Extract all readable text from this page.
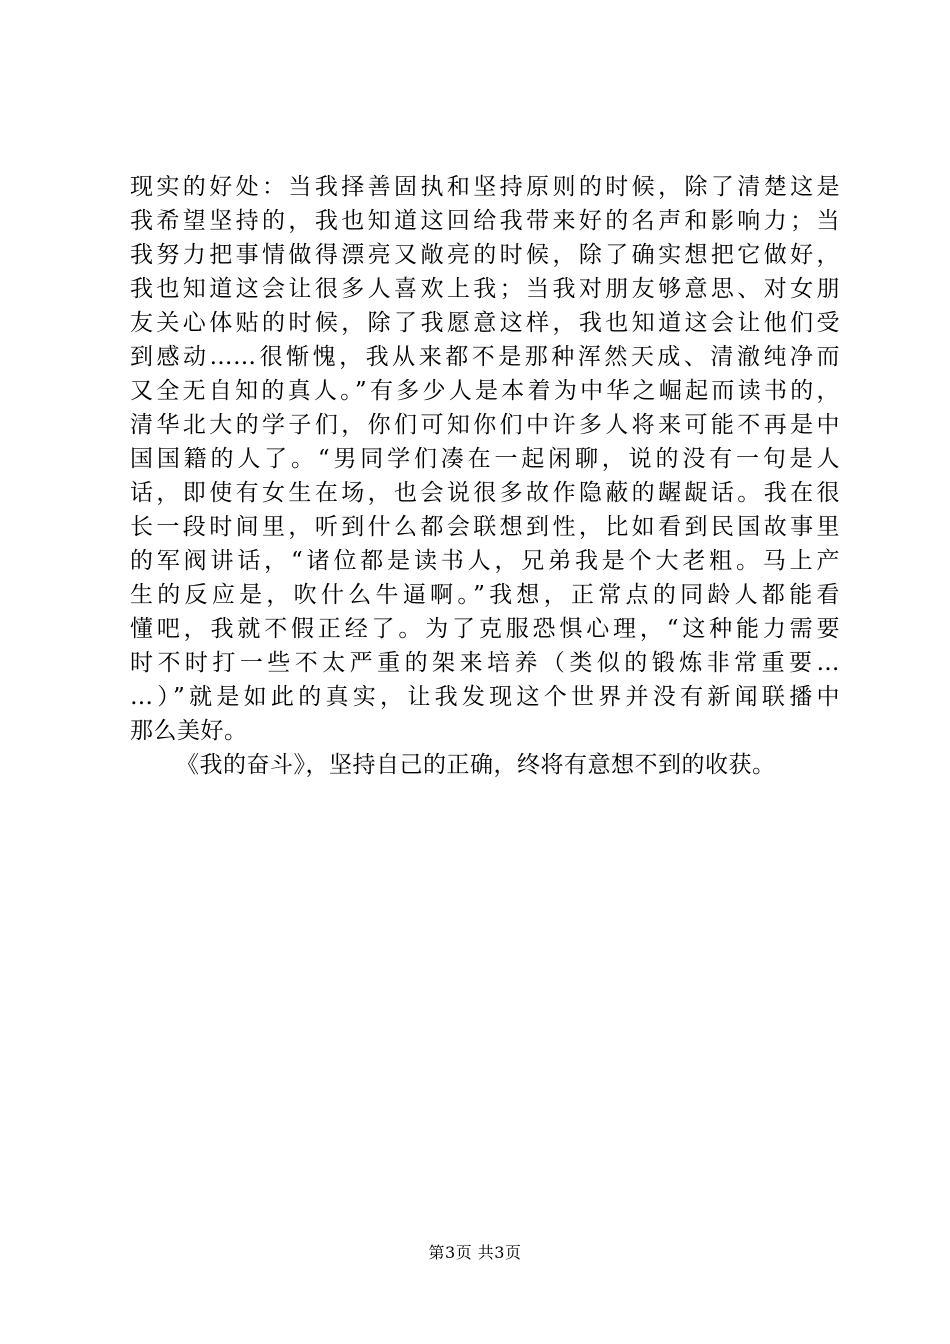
现实的好处：当我择善固执和坚持原则的时候，除了清楚这是
我希望坚持的，我也知道这回给我带来好的名声和影响力；当
我努力把事情做得漂亮又敞亮的时候，除了确实想把它做好，
我也知道这会让很多人喜欢上我；当我对朋友够意思、对女朋
友关心体贴的时候，除了我愿意这样，我也知道这会让他们受
到感动……很惭愧，我从来都不是那种浑然天成、清澈纯净而
又全无自知的真人。”有多少人是本着为中华之崛起而读书的，
清华北大的学子们，你们可知你们中许多人将来可能不再是中
国国籍的人了。“男同学们凑在一起闲聊，说的没有一句是人
话，即使有女生在场，也会说很多故作隐蔽的龌龊话。我在很
长一段时间里，听到什么都会联想到性，比如看到民国故事里
的军阀讲话，“诸位都是读书人，兄弟我是个大老粗。马上产
生的反应是，吹什么牛逼啊。”我想，正常点的同龄人都能看
懂吧，我就不假正经了。为了克服恐惧心理，“这种能力需要
时不时打一些不太严重的架来培养（类似的锻炼非常重要…
…）”就是如此的真实，让我发现这个世界并没有新闻联播中
那么美好。
《我的奋斗》，坚持自己的正确，终将有意想不到的收获。
第3页 共3页
